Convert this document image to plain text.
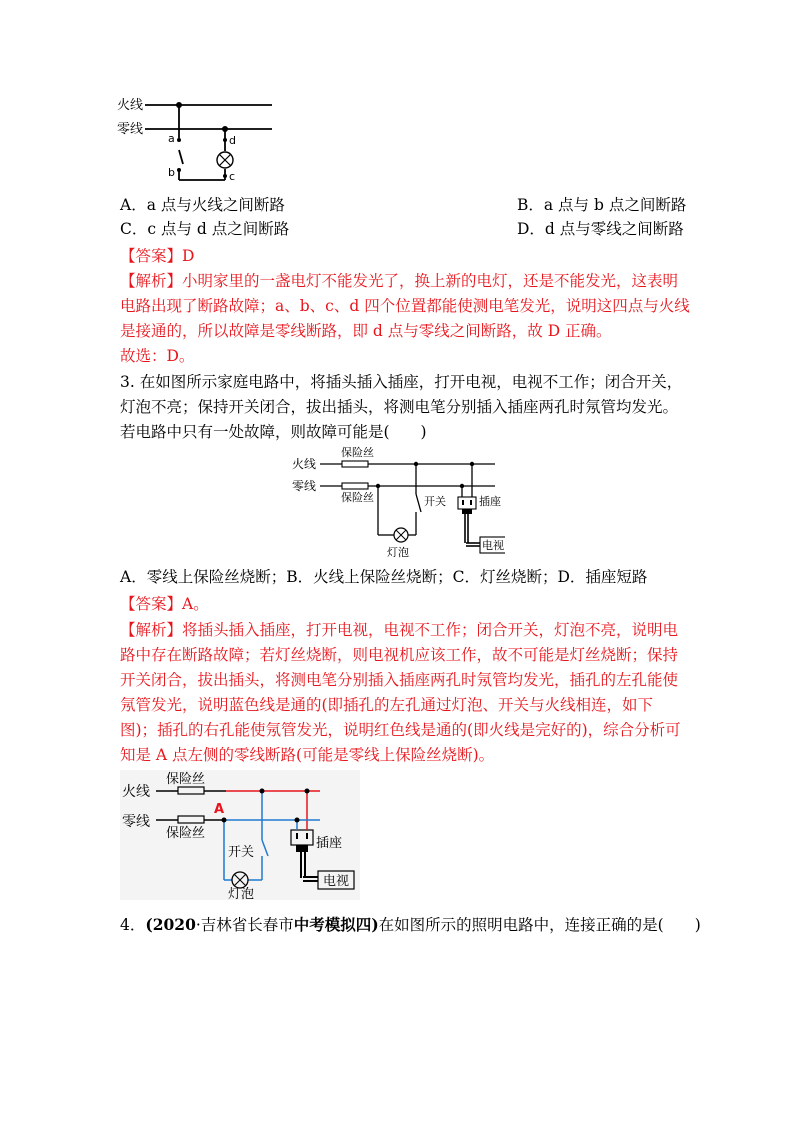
火线
零线
a
b
d
c
A．a 点与火线之间断路	B．a 点与 b 点之间断路
C．c 点与 d 点之间断路	D．d 点与零线之间断路
【答案】D
【解析】小明家里的一盏电灯不能发光了，换上新的电灯，还是不能发光，这表明
电路出现了断路故障；a、b、c、d 四个位置都能使测电笔发光，说明这四点与火线
是接通的，所以故障是零线断路，即 d 点与零线之间断路，故 D 正确。
故选：D。
3. 在如图所示家庭电路中，将插头插入插座，打开电视，电视不工作；闭合开关，
灯泡不亮；保持开关闭合，拔出插头，将测电笔分别插入插座两孔时氖管均发光。
若电路中只有一处故障，则故障可能是(　　)
火线
零线
保险丝
保险丝	开关	插座
灯泡
电视
A．零线上保险丝烧断；B．火线上保险丝烧断；C．灯丝烧断；D．插座短路
【答案】A。
【解析】将插头插入插座，打开电视，电视不工作；闭合开关，灯泡不亮，说明电
路中存在断路故障；若灯丝烧断，则电视机应该工作，故不可能是灯丝烧断；保持
开关闭合，拔出插头，将测电笔分别插入插座两孔时氖管均发光，插孔的左孔能使
氖管发光，说明蓝色线是通的(即插孔的左孔通过灯泡、开关与火线相连，如下
图)；插孔的右孔能使氖管发光，说明红色线是通的(即火线是完好的)，综合分析可
知是 A 点左侧的零线断路(可能是零线上保险丝烧断)。
火线
零线
保险丝
保险丝
A
开关
插座
灯泡
电视
4．(2020·吉林省长春市中考模拟四)在如图所示的照明电路中，连接正确的是(　　)
